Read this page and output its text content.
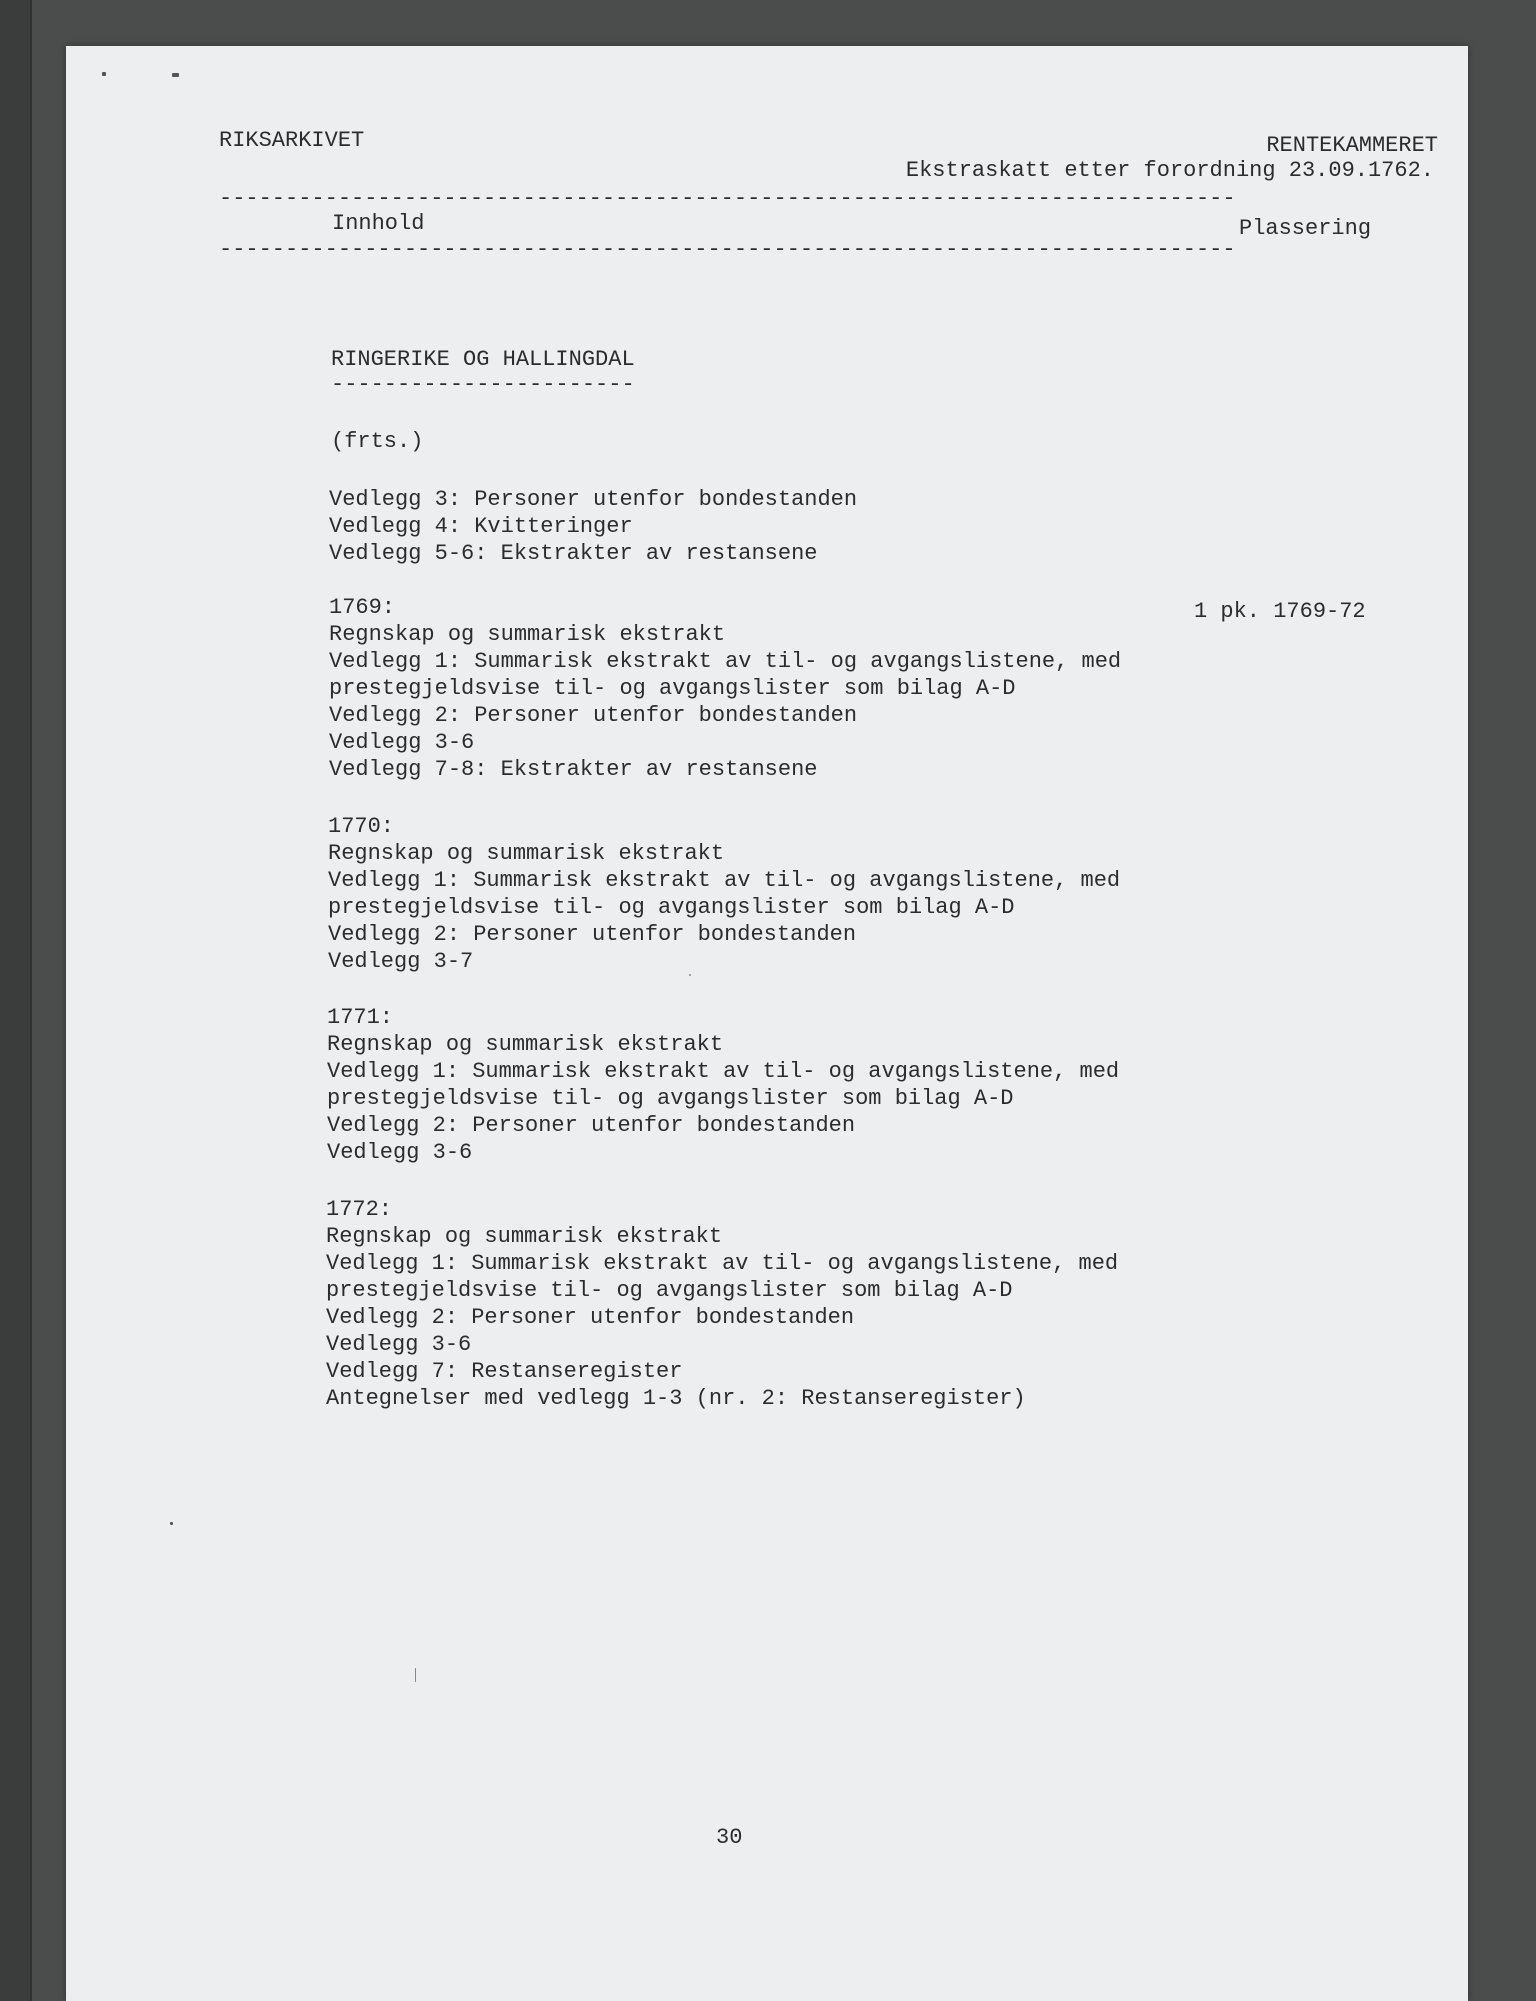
RIKSARKIVET	RENTEKAMMERET
Ekstraskatt etter forordning 23.09.1762.
-----------------------------------------------------------------------------
Innhold	Plassering
-----------------------------------------------------------------------------
RINGERIKE OG HALLINGDAL
-----------------------
(frts.)
Vedlegg 3: Personer utenfor bondestanden
Vedlegg 4: Kvitteringer
Vedlegg 5-6: Ekstrakter av restansene
1769:	1 pk. 1769-72
Regnskap og summarisk ekstrakt
Vedlegg 1: Summarisk ekstrakt av til- og avgangslistene, med
prestegjeldsvise til- og avgangslister som bilag A-D
Vedlegg 2: Personer utenfor bondestanden
Vedlegg 3-6
Vedlegg 7-8: Ekstrakter av restansene
1770:
Regnskap og summarisk ekstrakt
Vedlegg 1: Summarisk ekstrakt av til- og avgangslistene, med
prestegjeldsvise til- og avgangslister som bilag A-D
Vedlegg 2: Personer utenfor bondestanden
Vedlegg 3-7
1771:
Regnskap og summarisk ekstrakt
Vedlegg 1: Summarisk ekstrakt av til- og avgangslistene, med
prestegjeldsvise til- og avgangslister som bilag A-D
Vedlegg 2: Personer utenfor bondestanden
Vedlegg 3-6
1772:
Regnskap og summarisk ekstrakt
Vedlegg 1: Summarisk ekstrakt av til- og avgangslistene, med
prestegjeldsvise til- og avgangslister som bilag A-D
Vedlegg 2: Personer utenfor bondestanden
Vedlegg 3-6
Vedlegg 7: Restanseregister
Antegnelser med vedlegg 1-3 (nr. 2: Restanseregister)
30
